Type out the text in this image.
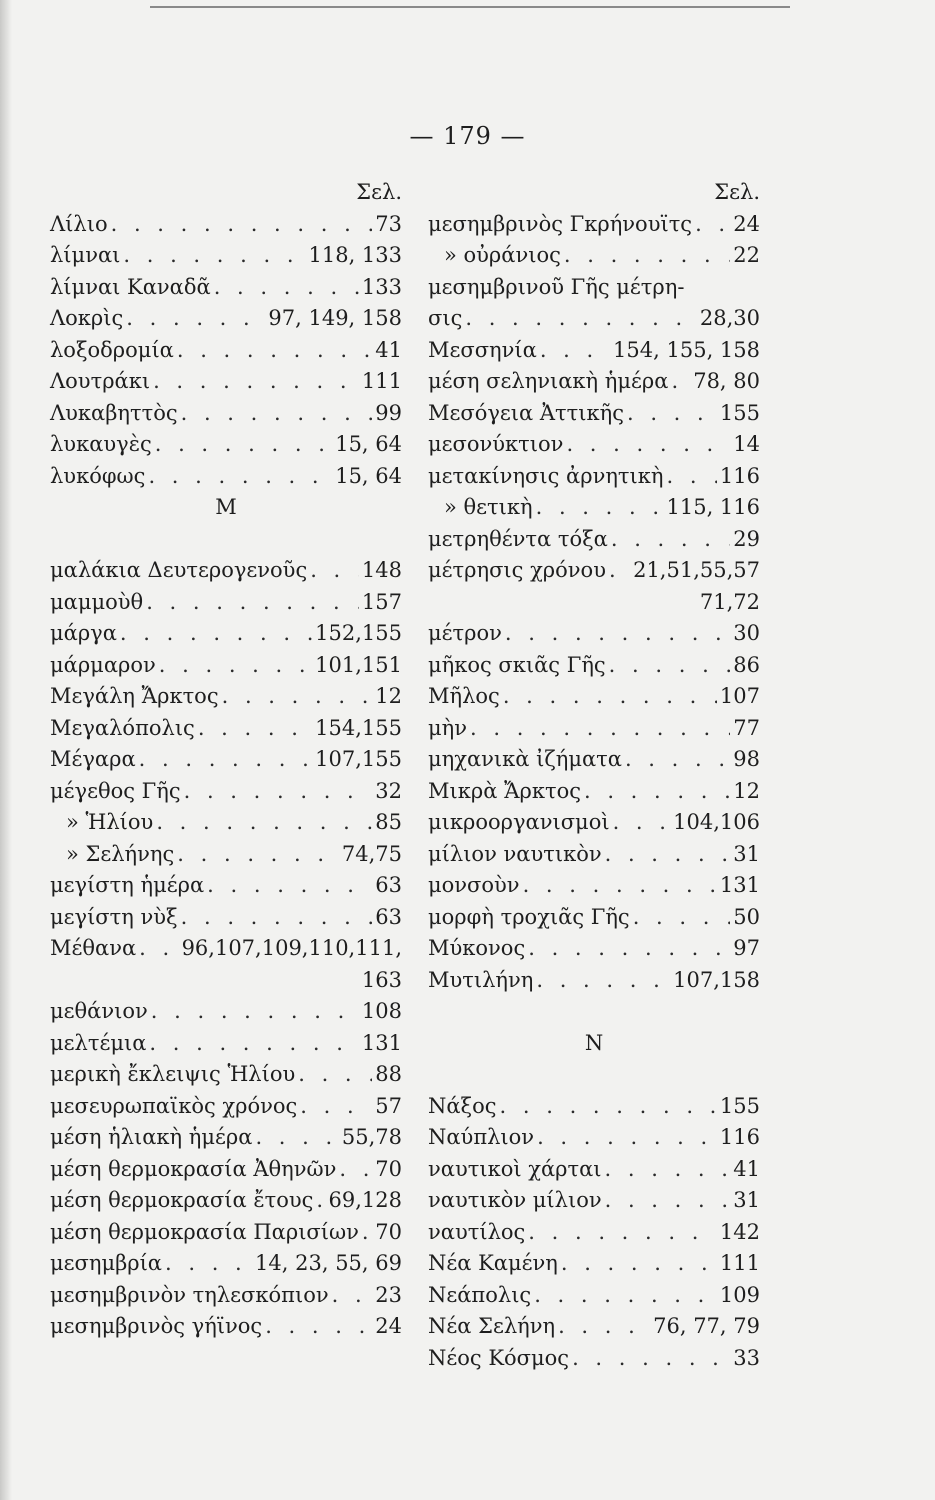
— 179 —
Σελ.
Λίλιο . . .	73
λίμναι . . .	118, 133
λίμναι Καναδᾶ . . .	133
Λοκρὶς . . .	97, 149, 158
λοξοδρομία . . .	41
Λουτράκι . . .	111
Λυκαβηττὸς . . .	99
λυκαυγὲς . . .	15, 64
λυκόφως . . .	15, 64
Μ
μαλάκια Δευτερογενοῦς . . .	148
μαμμοὺθ . . .	157
μάργα . . .	152,155
μάρμαρον . . .	101,151
Μεγάλη Ἄρκτος . . .	12
Μεγαλόπολις . . .	154,155
Μέγαρα . . .	107,155
μέγεθος Γῆς . . .	32
» Ἡλίου . . .	85
» Σελήνης . . .	74,75
μεγίστη ἡμέρα . . .	63
μεγίστη νὺξ . . .	63
Μέθανα . . . 96,107,109,110,111,
163
μεθάνιον . . .	108
μελτέμια . . .	131
μερικὴ ἔκλειψις Ἡλίου . . .	88
μεσευρωπαϊκὸς χρόνος . . .	57
μέση ἡλιακὴ ἡμέρα . . .	55,78
μέση θερμοκρασία Ἀθηνῶν . . . 70
μέση θερμοκρασία ἔτους . . . 69,128
μέση θερμοκρασία Παρισίων . . . 70
μεσημβρία . . .	14, 23, 55, 69
μεσημβρινὸν τηλεσκόπιον . . . 23
μεσημβρινὸς γήϊνος . . .	24
Σελ.
μεσημβρινὸς Γκρήνουϊτς . . . 24
» οὐράνιος . . .	22
μεσημβρινοῦ Γῆς μέτρη-
σις . . .	28,30
Μεσσηνία . . .	154, 155, 158
μέση σεληνιακὴ ἡμέρα . . . 78, 80
Μεσόγεια Ἀττικῆς . . .	155
μεσονύκτιον . . .	14
μετακίνησις ἀρνητικὴ . . .	116
» θετικὴ . . .	115, 116
μετρηθέντα τόξα . . .	29
μέτρησις χρόνου . . . 21,51,55,57
71,72
μέτρον . . .	30
μῆκος σκιᾶς Γῆς . . .	86
Μῆλος . . .	107
μὴν . . .	77
μηχανικὰ ἰζήματα . . .	98
Μικρὰ Ἄρκτος . . .	12
μικροοργανισμοὶ . . .	104,106
μίλιον ναυτικὸν . . .	31
μονσοὺν . . .	131
μορφὴ τροχιᾶς Γῆς . . .	50
Μύκονος . . .	97
Μυτιλήνη . . .	107,158
Ν
Νάξος . . .	155
Ναύπλιον . . .	116
ναυτικοὶ χάρται . . .	41
ναυτικὸν μίλιον . . .	31
ναυτίλος . . .	142
Νέα Καμένη . . .	111
Νεάπολις . . .	109
Νέα Σελήνη . . .	76, 77, 79
Νέος Κόσμος . . .	33
